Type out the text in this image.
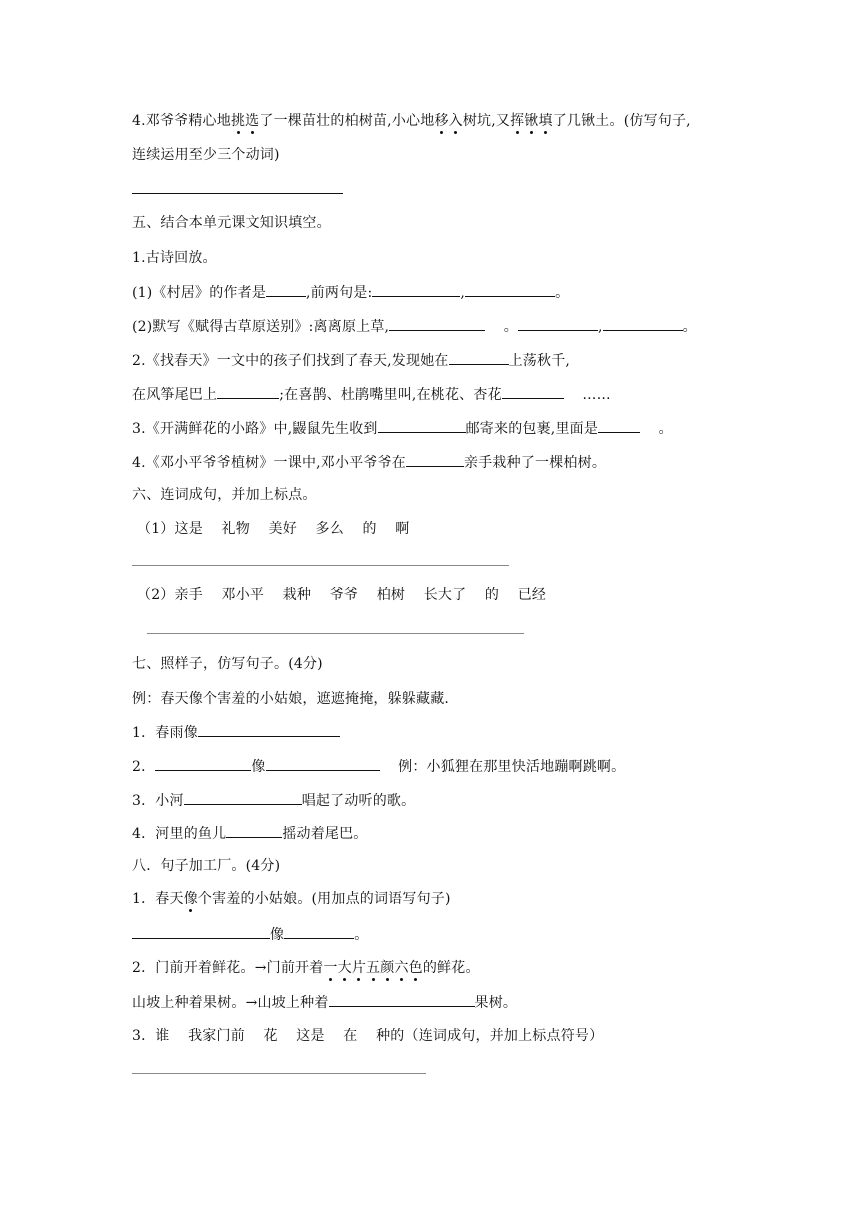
4.邓爷爷精心地挑选了一棵苗壮的柏树苗,小心地移入树坑,又挥锹填了几锹土。(仿写句子,
连续运用至少三个动词)
五、结合本单元课文知识填空。
1.古诗回放。
(1)《村居》的作者是	,前两句是:	,	。
(2)默写《赋得古草原送别》:离离原上草,	。	,	。
2.《找春天》一文中的孩子们找到了春天,发现她在	上荡秋千,
在风筝尾巴上	;在喜鹊、杜鹃嘴里叫,在桃花、杏花	……
3.《开满鲜花的小路》中,鼹鼠先生收到	邮寄来的包裹,里面是	。
4.《邓小平爷爷植树》一课中,邓小平爷爷在	亲手栽种了一棵柏树。
六、连词成句，并加上标点。
（1）这是    礼物    美好    多么    的    啊
（2）亲手    邓小平    栽种    爷爷    柏树    长大了    的    已经
七、照样子，仿写句子。(4分)
例：春天像个害羞的小姑娘，遮遮掩掩，躲躲藏藏.
1．春雨像
2．	像	例：小狐狸在那里快活地蹦啊跳啊。
3．小河	唱起了动听的歌。
4．河里的鱼儿	摇动着尾巴。
八．句子加工厂。(4分)
1．春天像个害羞的小姑娘。(用加点的词语写句子)
像	。
2．门前开着鲜花。→门前开着一大片五颜六色的鲜花。
山坡上种着果树。→山坡上种着	果树。
3．谁    我家门前    花    这是    在    种的（连词成句，并加上标点符号）
